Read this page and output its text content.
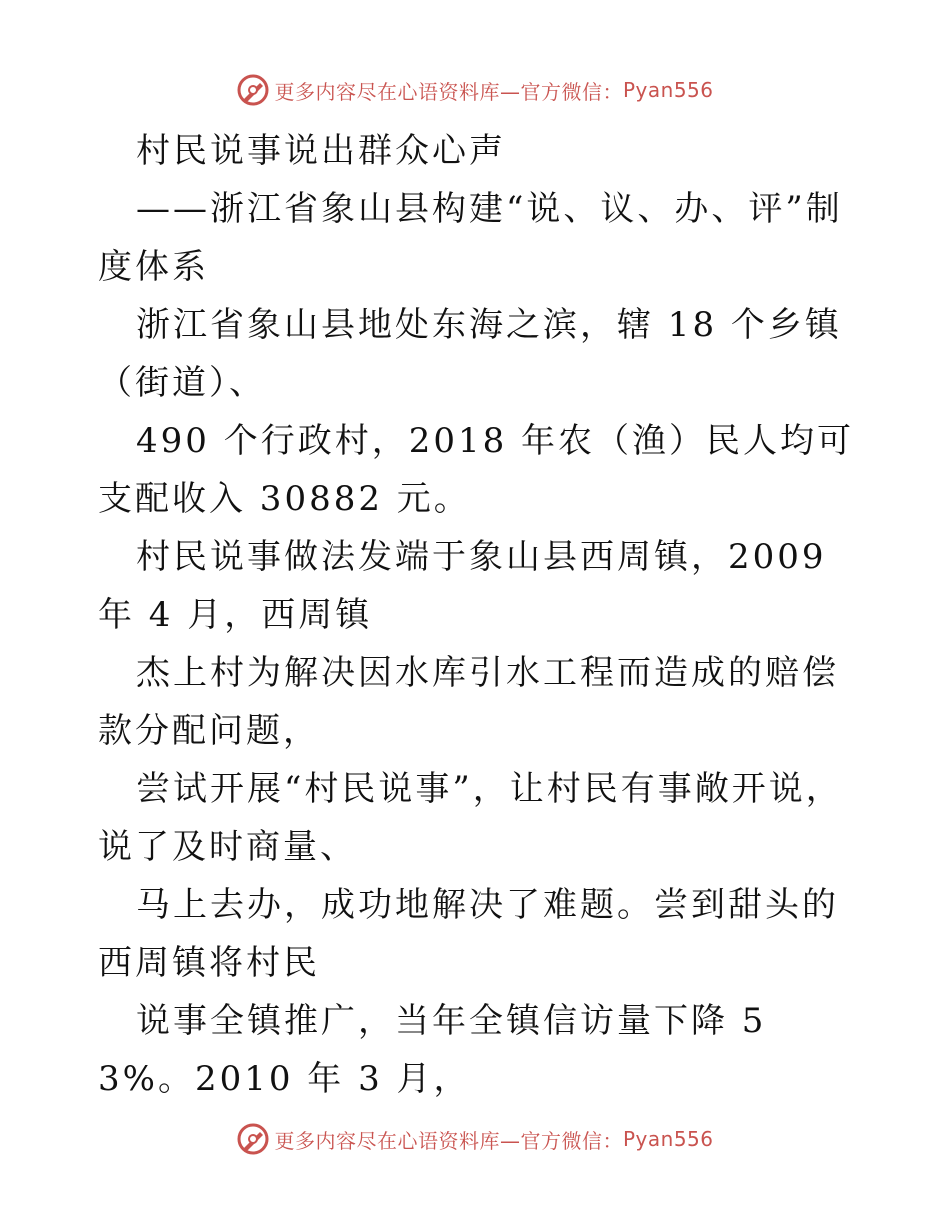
更多内容尽在心语资料库—官方微信： Pyan556

村民说事说出群众心声

——浙江省象山县构建“说、议、办、评”制度体系

浙江省象山县地处东海之滨，辖 18 个乡镇（街道）、

490 个行政村，2018 年农（渔）民人均可支配收入 30882 元。

村民说事做法发端于象山县西周镇，2009 年 4 月，西周镇

杰上村为解决因水库引水工程而造成的赔偿款分配问题，

尝试开展“村民说事”，让村民有事敞开说，说了及时商量、

马上去办，成功地解决了难题。尝到甜头的西周镇将村民

说事全镇推广，当年全镇信访量下降 53%。2010 年 3 月，

更多内容尽在心语资料库—官方微信： Pyan556
